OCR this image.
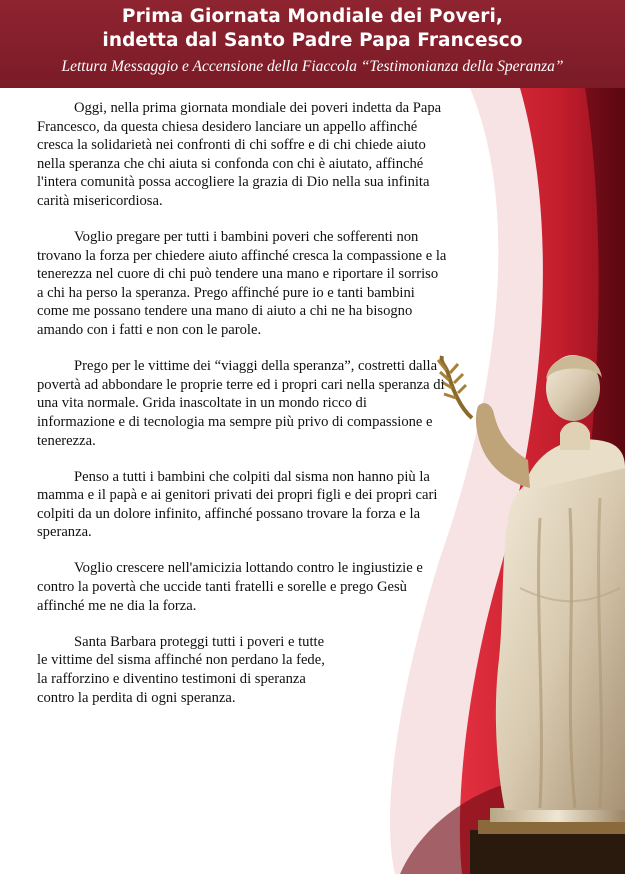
Prima Giornata Mondiale dei Poveri,
indetta dal Santo Padre Papa Francesco
Lettura Messaggio e Accensione della Fiaccola “Testimonianza della Speranza”

Oggi, nella prima giornata mondiale dei poveri indetta da Papa Francesco, da questa chiesa desidero lanciare un appello affinché cresca la solidarietà nei confronti di chi soffre e di chi chiede aiuto nella speranza che chi aiuta si confonda con chi è aiutato, affinché l'intera comunità possa accogliere la grazia di Dio nella sua infinita carità misericordiosa.

Voglio pregare per tutti i bambini poveri che sofferenti non trovano la forza per chiedere aiuto affinché cresca la compassione e la tenerezza nel cuore di chi può tendere una mano e riportare il sorriso a chi ha perso la speranza. Prego affinché pure io e tanti bambini come me possano tendere una mano di aiuto a chi ne ha bisogno amando con i fatti e non con le parole.

Prego per le vittime dei “viaggi della speranza”, costretti dalla povertà ad abbondare le proprie terre ed i propri cari nella speranza di una vita normale. Grida inascoltate in un mondo ricco di informazione e di tecnologia ma sempre più privo di compassione e tenerezza.

Penso a tutti i bambini che colpiti dal sisma non hanno più la mamma e il papà e ai genitori privati dei propri figli e dei propri cari colpiti da un dolore infinito, affinché possano trovare la forza e la speranza.

Voglio crescere nell'amicizia lottando contro le ingiustizie e contro la povertà che uccide tanti fratelli e sorelle e prego Gesù affinché me ne dia la forza.

Santa Barbara proteggi tutti i poveri e tutte
le vittime del sisma affinché non perdano la fede,
la rafforzino e diventino testimoni di speranza
contro la perdita di ogni speranza.
